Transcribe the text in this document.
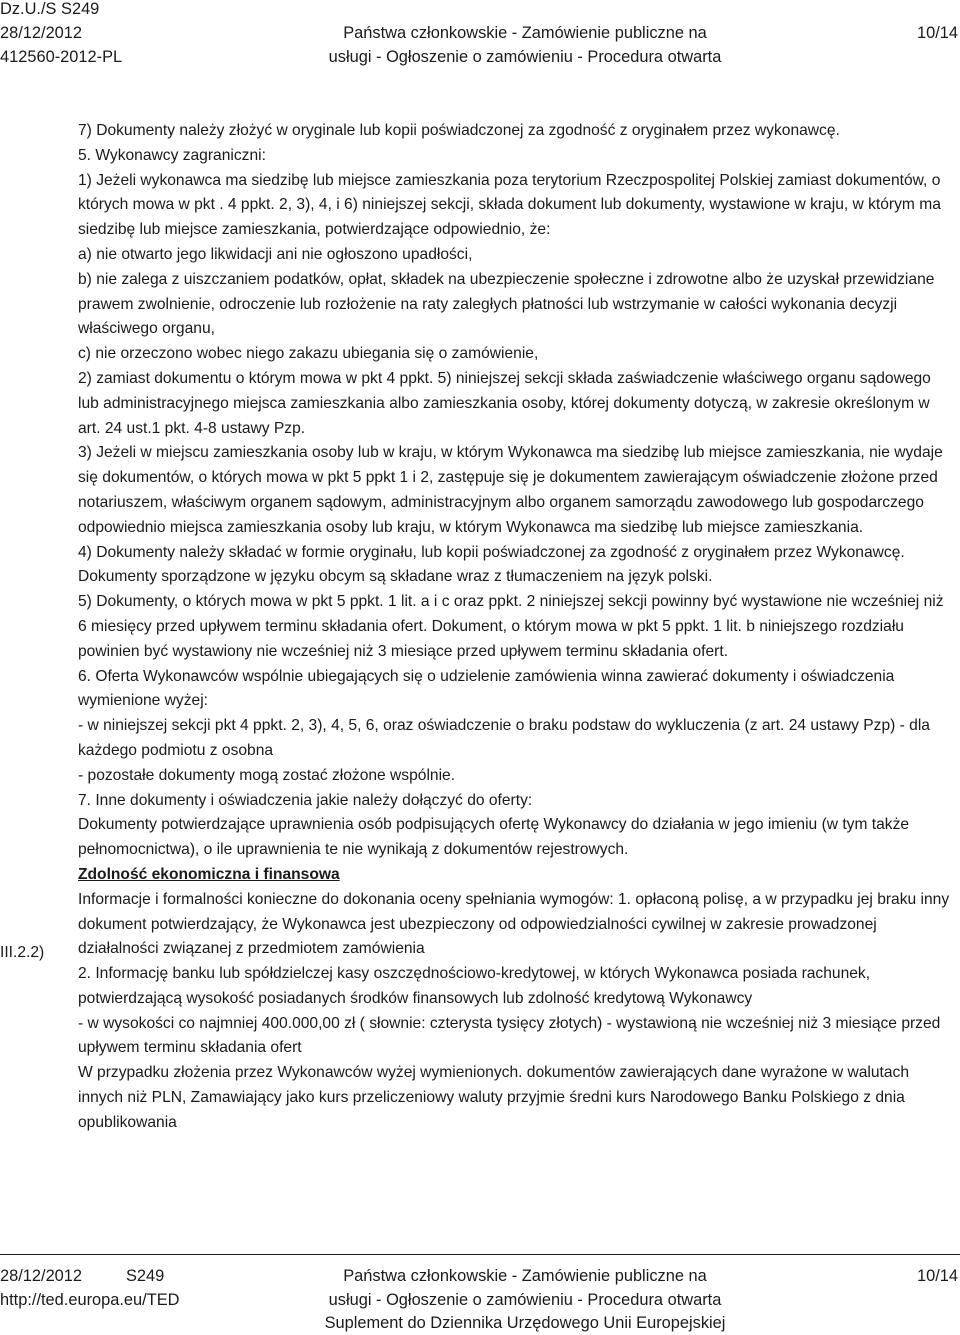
Dz.U./S S249
28/12/2012	Państwa członkowskie - Zamówienie publiczne na	10/14
412560-2012-PL	usługi - Ogłoszenie o zamówieniu - Procedura otwarta

7) Dokumenty należy złożyć w oryginale lub kopii poświadczonej za zgodność z oryginałem przez wykonawcę.

5. Wykonawcy zagraniczni:

1) Jeżeli wykonawca ma siedzibę lub miejsce zamieszkania poza terytorium Rzeczpospolitej Polskiej zamiast dokumentów, o których mowa w pkt . 4 ppkt. 2, 3), 4, i 6) niniejszej sekcji, składa dokument lub dokumenty, wystawione w kraju, w którym ma siedzibę lub miejsce zamieszkania, potwierdzające odpowiednio, że:

a) nie otwarto jego likwidacji ani nie ogłoszono upadłości,

b) nie zalega z uiszczaniem podatków, opłat, składek na ubezpieczenie społeczne i zdrowotne albo że uzyskał przewidziane prawem zwolnienie, odroczenie lub rozłożenie na raty zaległych płatności lub wstrzymanie w całości wykonania decyzji właściwego organu,

c) nie orzeczono wobec niego zakazu ubiegania się o zamówienie,

2) zamiast dokumentu o którym mowa w pkt 4 ppkt. 5) niniejszej sekcji składa zaświadczenie właściwego organu sądowego lub administracyjnego miejsca zamieszkania albo zamieszkania osoby, której dokumenty dotyczą, w zakresie określonym w art. 24 ust.1 pkt. 4-8 ustawy Pzp.

3) Jeżeli w miejscu zamieszkania osoby lub w kraju, w którym Wykonawca ma siedzibę lub miejsce zamieszkania, nie wydaje się dokumentów, o których mowa w pkt 5 ppkt 1 i 2, zastępuje się je dokumentem zawierającym oświadczenie złożone przed notariuszem, właściwym organem sądowym, administracyjnym albo organem samorządu zawodowego lub gospodarczego odpowiednio miejsca zamieszkania osoby lub kraju, w którym Wykonawca ma siedzibę lub miejsce zamieszkania.

4) Dokumenty należy składać w formie oryginału, lub kopii poświadczonej za zgodność z oryginałem przez Wykonawcę. Dokumenty sporządzone w języku obcym są składane wraz z tłumaczeniem na język polski.

5) Dokumenty, o których mowa w pkt 5 ppkt. 1 lit. a i c oraz ppkt. 2 niniejszej sekcji powinny być wystawione nie wcześniej niż 6 miesięcy przed upływem terminu składania ofert. Dokument, o którym mowa w pkt 5 ppkt. 1 lit. b niniejszego rozdziału powinien być wystawiony nie wcześniej niż 3 miesiące przed upływem terminu składania ofert.

6. Oferta Wykonawców wspólnie ubiegających się o udzielenie zamówienia winna zawierać dokumenty i oświadczenia wymienione wyżej:

- w niniejszej sekcji pkt 4 ppkt. 2, 3), 4, 5, 6, oraz oświadczenie o braku podstaw do wykluczenia (z art. 24 ustawy Pzp) - dla każdego podmiotu z osobna

- pozostałe dokumenty mogą zostać złożone wspólnie.

7. Inne dokumenty i oświadczenia jakie należy dołączyć do oferty:

Dokumenty potwierdzające uprawnienia osób podpisujących ofertę Wykonawcy do działania w jego imieniu (w tym także pełnomocnictwa), o ile uprawnienia te nie wynikają z dokumentów rejestrowych.

Zdolność ekonomiczna i finansowa

Informacje i formalności konieczne do dokonania oceny spełniania wymogów: 1. opłaconą polisę, a w przypadku jej braku inny dokument potwierdzający, że Wykonawca jest ubezpieczony od odpowiedzialności cywilnej w zakresie prowadzonej działalności związanej z przedmiotem zamówienia

2. Informację banku lub spółdzielczej kasy oszczędnościowo-kredytowej, w których Wykonawca posiada rachunek, potwierdzającą wysokość posiadanych środków finansowych lub zdolność kredytową Wykonawcy

- w wysokości co najmniej 400.000,00 zł ( słownie: czterysta tysięcy złotych) - wystawioną nie wcześniej niż 3 miesiące przed upływem terminu składania ofert

W przypadku złożenia przez Wykonawców wyżej wymienionych. dokumentów zawierających dane wyrażone w walutach innych niż PLN, Zamawiający jako kurs przeliczeniowy waluty przyjmie średni kurs Narodowego Banku Polskiego z dnia opublikowania

III.2.2)
28/12/2012	S249	Państwa członkowskie - Zamówienie publiczne na	10/14
http://ted.europa.eu/TED	usługi - Ogłoszenie o zamówieniu - Procedura otwarta
Suplement do Dziennika Urzędowego Unii Europejskiej
